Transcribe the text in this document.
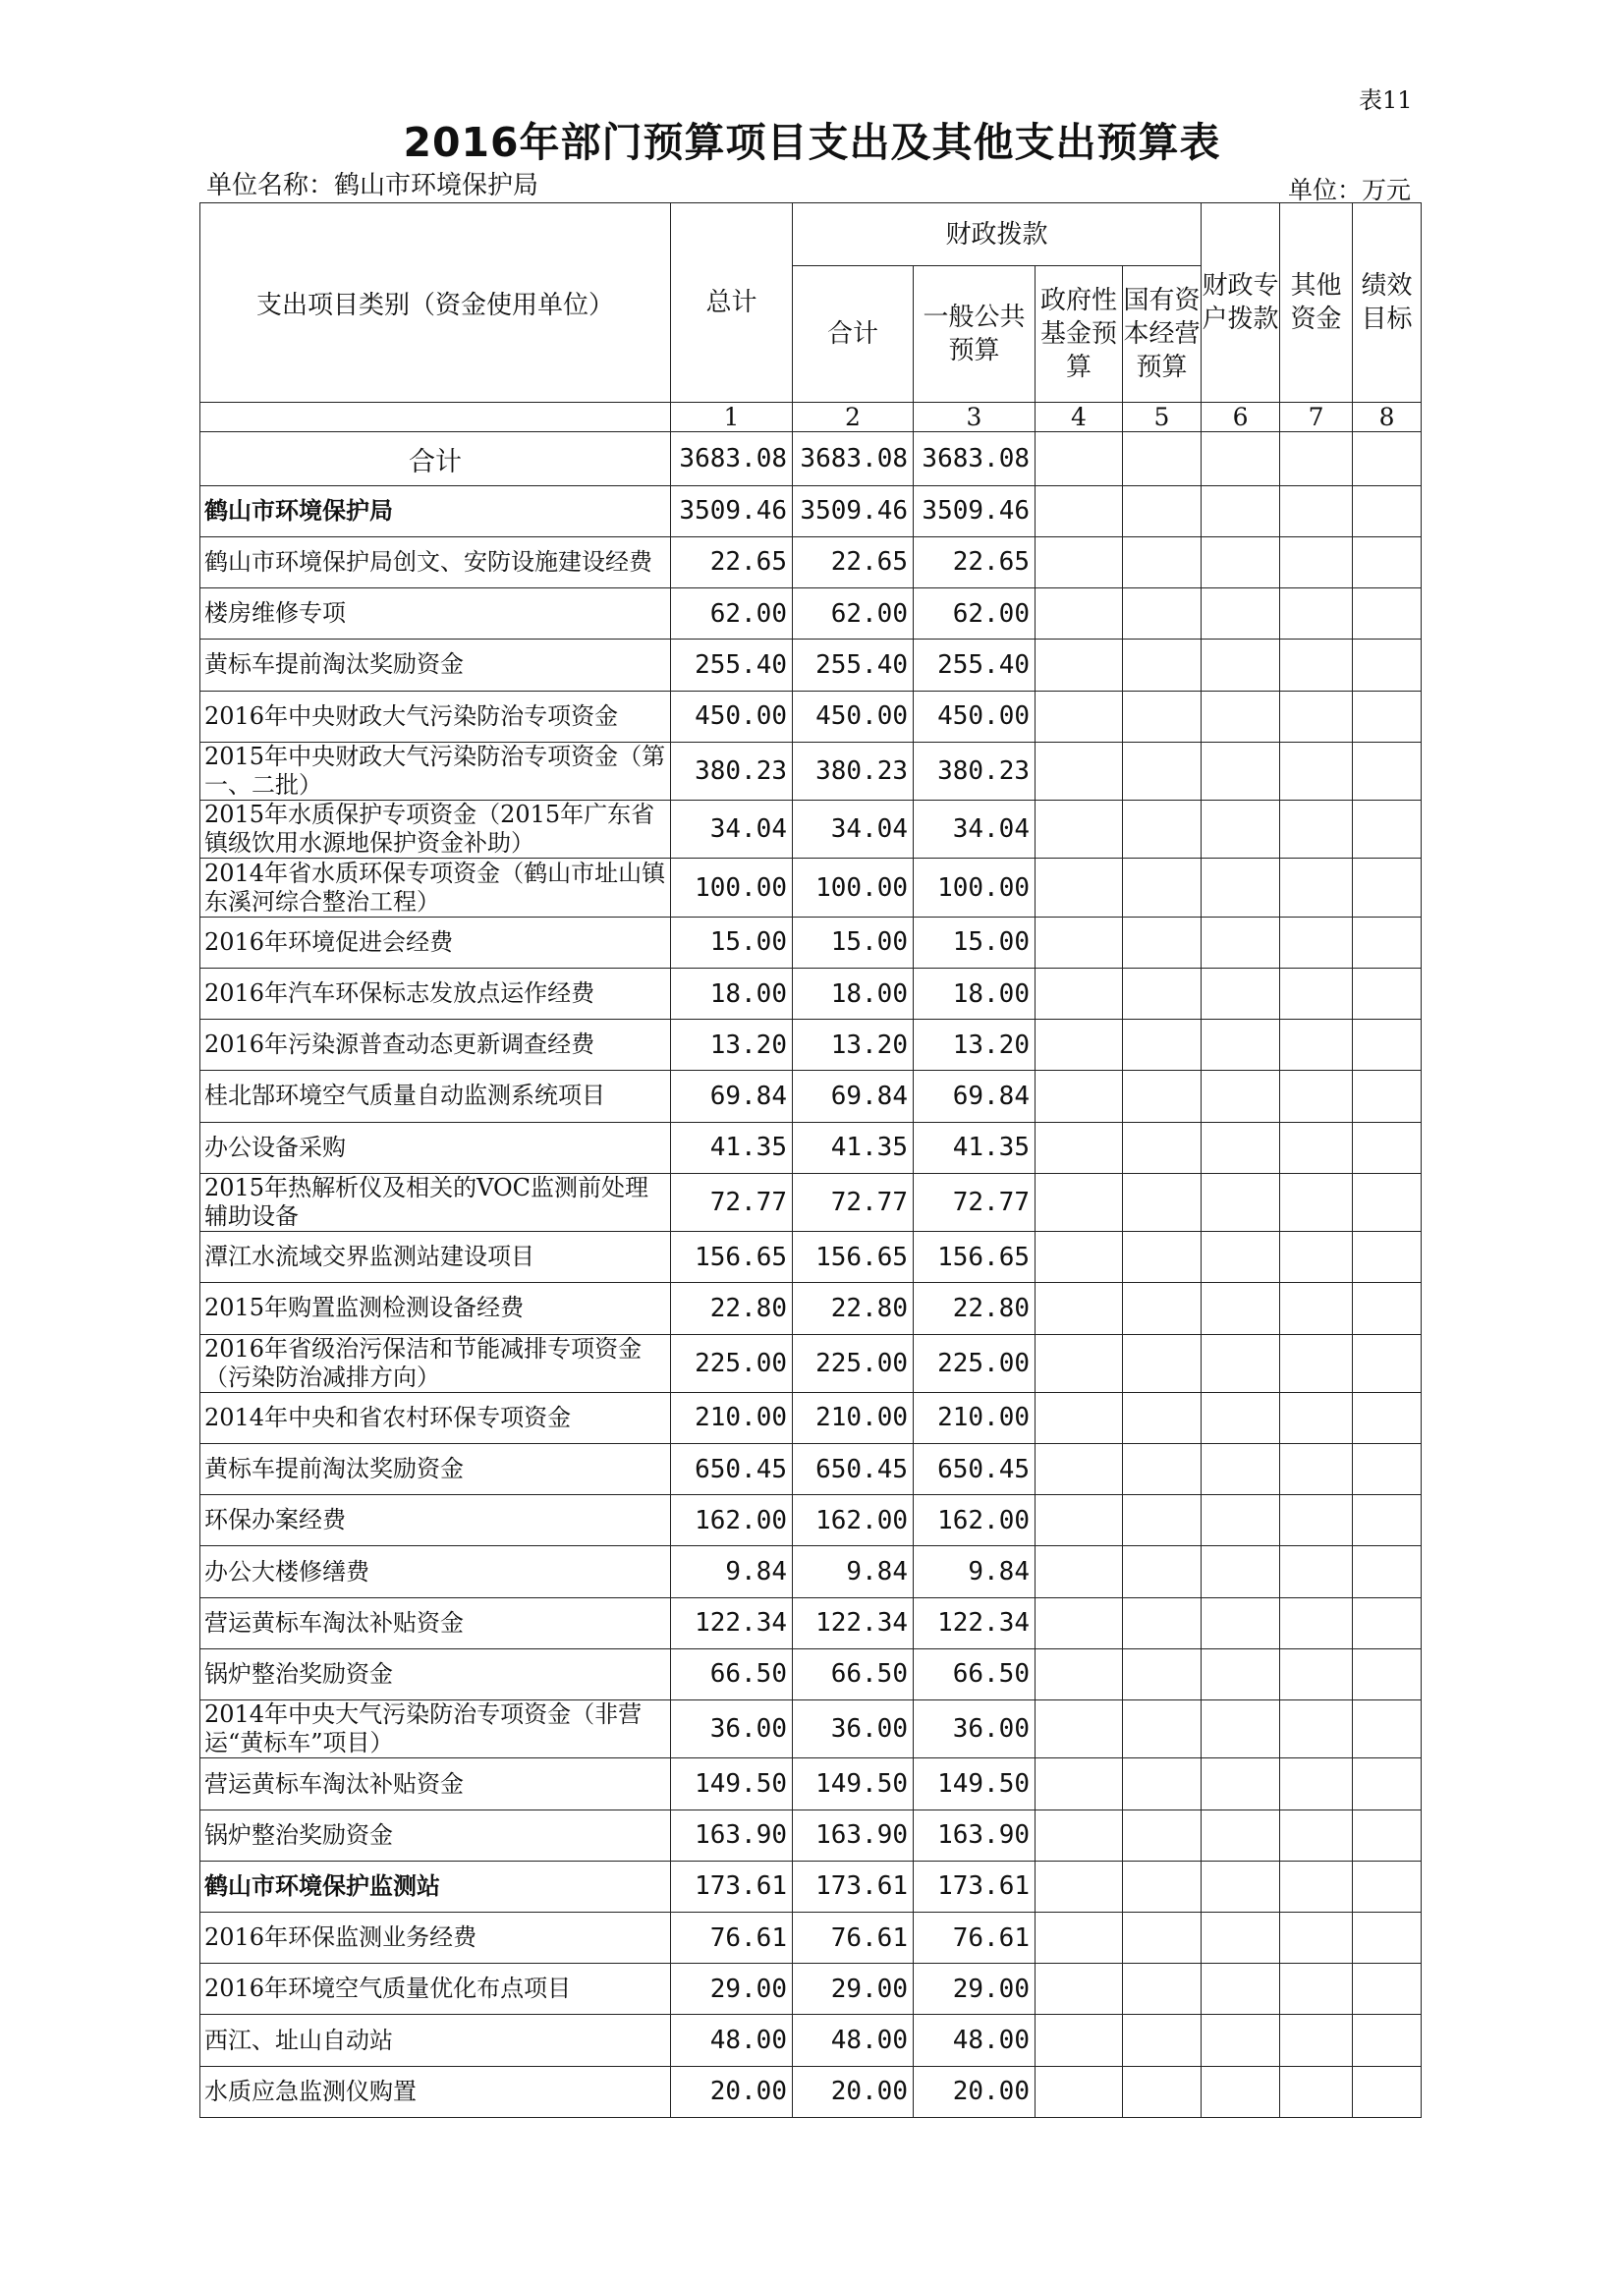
表11
2016年部门预算项目支出及其他支出预算表
单位名称：鹤山市环境保护局	单位：万元
支出项目类别（资金使用单位）	总计	财政拨款				财政专户拨款	其他资金	绩效目标
		合计	一般公共预算	政府性基金预算	国有资本经营预算			
	1	2	3	4	5	6	7	8
合计	3683.08	3683.08	3683.08					
鹤山市环境保护局	3509.46	3509.46	3509.46					
鹤山市环境保护局创文、安防设施建设经费	22.65	22.65	22.65					
楼房维修专项	62.00	62.00	62.00					
黄标车提前淘汰奖励资金	255.40	255.40	255.40					
2016年中央财政大气污染防治专项资金	450.00	450.00	450.00					
2015年中央财政大气污染防治专项资金（第一、二批）	380.23	380.23	380.23					
2015年水质保护专项资金（2015年广东省镇级饮用水源地保护资金补助）	34.04	34.04	34.04					
2014年省水质环保专项资金（鹤山市址山镇东溪河综合整治工程）	100.00	100.00	100.00					
2016年环境促进会经费	15.00	15.00	15.00					
2016年汽车环保标志发放点运作经费	18.00	18.00	18.00					
2016年污染源普查动态更新调查经费	13.20	13.20	13.20					
桂北郜环境空气质量自动监测系统项目	69.84	69.84	69.84					
办公设备采购	41.35	41.35	41.35					
2015年热解析仪及相关的VOC监测前处理辅助设备	72.77	72.77	72.77					
潭江水流域交界监测站建设项目	156.65	156.65	156.65					
2015年购置监测检测设备经费	22.80	22.80	22.80					
2016年省级治污保洁和节能减排专项资金（污染防治减排方向）	225.00	225.00	225.00					
2014年中央和省农村环保专项资金	210.00	210.00	210.00					
黄标车提前淘汰奖励资金	650.45	650.45	650.45					
环保办案经费	162.00	162.00	162.00					
办公大楼修缮费	9.84	9.84	9.84					
营运黄标车淘汰补贴资金	122.34	122.34	122.34					
锅炉整治奖励资金	66.50	66.50	66.50					
2014年中央大气污染防治专项资金（非营运“黄标车”项目）	36.00	36.00	36.00					
营运黄标车淘汰补贴资金	149.50	149.50	149.50					
锅炉整治奖励资金	163.90	163.90	163.90					
鹤山市环境保护监测站	173.61	173.61	173.61					
2016年环保监测业务经费	76.61	76.61	76.61					
2016年环境空气质量优化布点项目	29.00	29.00	29.00					
西江、址山自动站	48.00	48.00	48.00					
水质应急监测仪购置	20.00	20.00	20.00					
